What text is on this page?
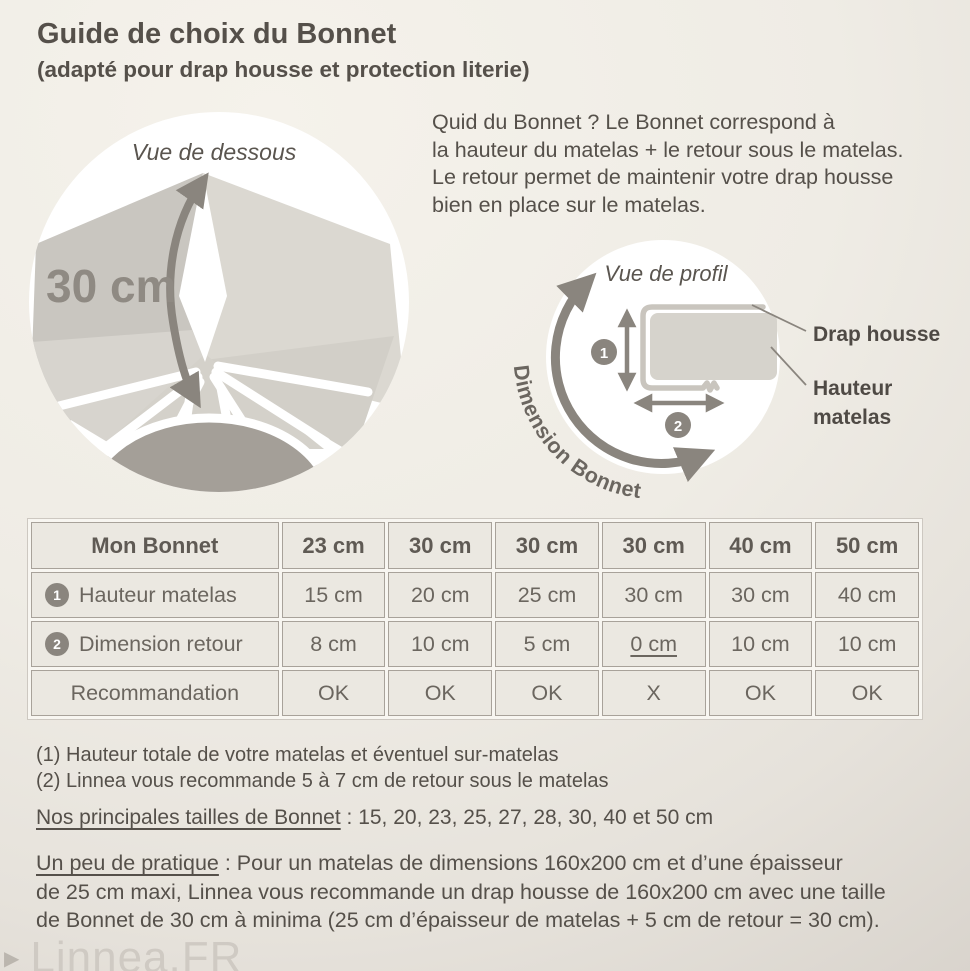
Guide de choix du Bonnet
(adapté pour drap housse et protection literie)
Vue de dessous
30 cm
Quid du Bonnet ? Le Bonnet correspond à
la hauteur du matelas + le retour sous le matelas.
Le retour permet de maintenir votre drap housse
bien en place sur le matelas.
1
2
Dimension Bonnet
Vue de profil
Drap housse
Hauteur
matelas
Mon Bonnet	23 cm	30 cm	30 cm	30 cm	40 cm	50 cm

1 Hauteur matelas	15 cm	20 cm	25 cm	30 cm	30 cm	40 cm

2 Dimension retour	8 cm	10 cm	5 cm	0 cm	10 cm	10 cm
Recommandation	OK	OK	OK	X	OK	OK
(1) Hauteur totale de votre matelas et éventuel sur-matelas
(2) Linnea vous recommande 5 à 7 cm de retour sous le matelas
Nos principales tailles de Bonnet : 15, 20, 23, 25, 27, 28, 30, 40 et 50 cm
Un peu de pratique : Pour un matelas de dimensions 160x200 cm et d’une épaisseur
de 25 cm maxi, Linnea vous recommande un drap housse de 160x200 cm avec une taille
de Bonnet de 30 cm à minima (25 cm d’épaisseur de matelas + 5 cm de retour = 30 cm).
▶ Linnea.FR
